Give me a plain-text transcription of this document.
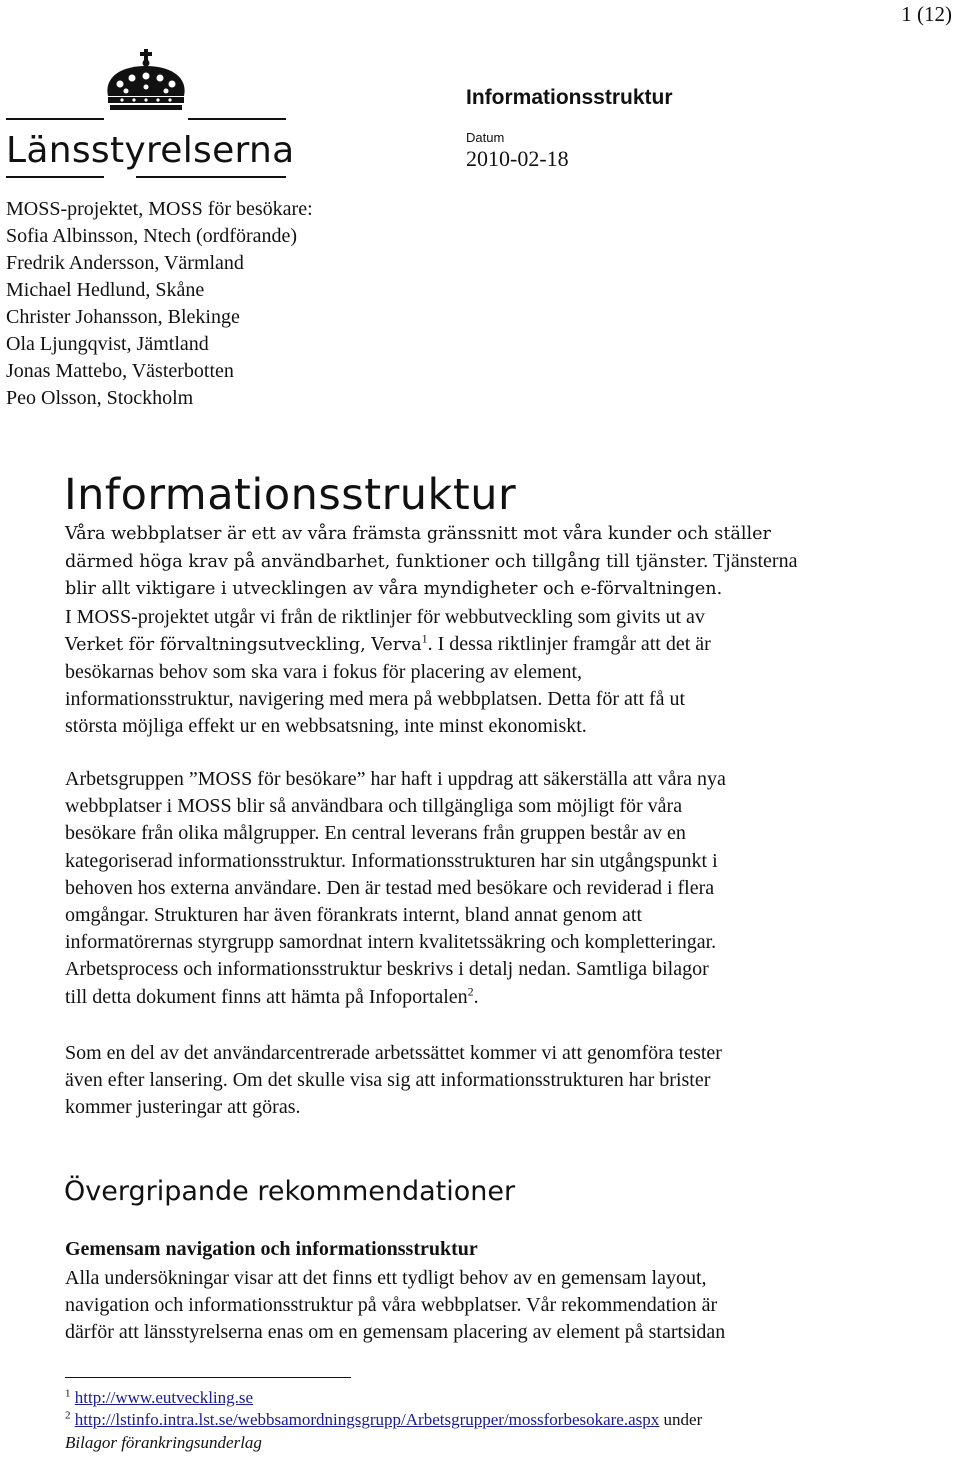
1 (12)
Länsstyrelserna
Informationsstruktur
Datum
2010-02-18
MOSS-projektet, MOSS för besökare:
Sofia Albinsson, Ntech (ordförande)
Fredrik Andersson, Värmland
Michael Hedlund, Skåne
Christer Johansson, Blekinge
Ola Ljungqvist, Jämtland
Jonas Mattebo, Västerbotten
Peo Olsson, Stockholm
Informationsstruktur
Våra webbplatser är ett av våra främsta gränssnitt mot våra kunder och ställer
därmed höga krav på användbarhet, funktioner och tillgång till tjänster. Tjänsterna
blir allt viktigare i utvecklingen av våra myndigheter och e-förvaltningen.
I MOSS-projektet utgår vi från de riktlinjer för webbutveckling som givits ut av
Verket för förvaltningsutveckling, Verva$^1$. I dessa riktlinjer framgår att det är
besökarnas behov som ska vara i fokus för placering av element,
informationsstruktur, navigering med mera på webbplatsen. Detta för att få ut
största möjliga effekt ur en webbsatsning, inte minst ekonomiskt.
Arbetsgruppen ”MOSS för besökare” har haft i uppdrag att säkerställa att våra nya
webbplatser i MOSS blir så användbara och tillgängliga som möjligt för våra
besökare från olika målgrupper. En central leverans från gruppen består av en
kategoriserad informationsstruktur. Informationsstrukturen har sin utgångspunkt i
behoven hos externa användare. Den är testad med besökare och reviderad i flera
omgångar. Strukturen har även förankrats internt, bland annat genom att
informatörernas styrgrupp samordnat intern kvalitetssäkring och kompletteringar.
Arbetsprocess och informationsstruktur beskrivs i detalj nedan. Samtliga bilagor
till detta dokument finns att hämta på Infoportalen$^2$.
Som en del av det användarcentrerade arbetssättet kommer vi att genomföra tester
även efter lansering. Om det skulle visa sig att informationsstrukturen har brister
kommer justeringar att göras.
Övergripande rekommendationer
Gemensam navigation och informationsstruktur
Alla undersökningar visar att det finns ett tydligt behov av en gemensam layout,
navigation och informationsstruktur på våra webbplatser. Vår rekommendation är
därför att länsstyrelserna enas om en gemensam placering av element på startsidan
$^1$ http://www.eutveckling.se
$^2$ http://lstinfo.intra.lst.se/webbsamordningsgrupp/Arbetsgrupper/mossforbesokare.aspx under
Bilagor förankringsunderlag
